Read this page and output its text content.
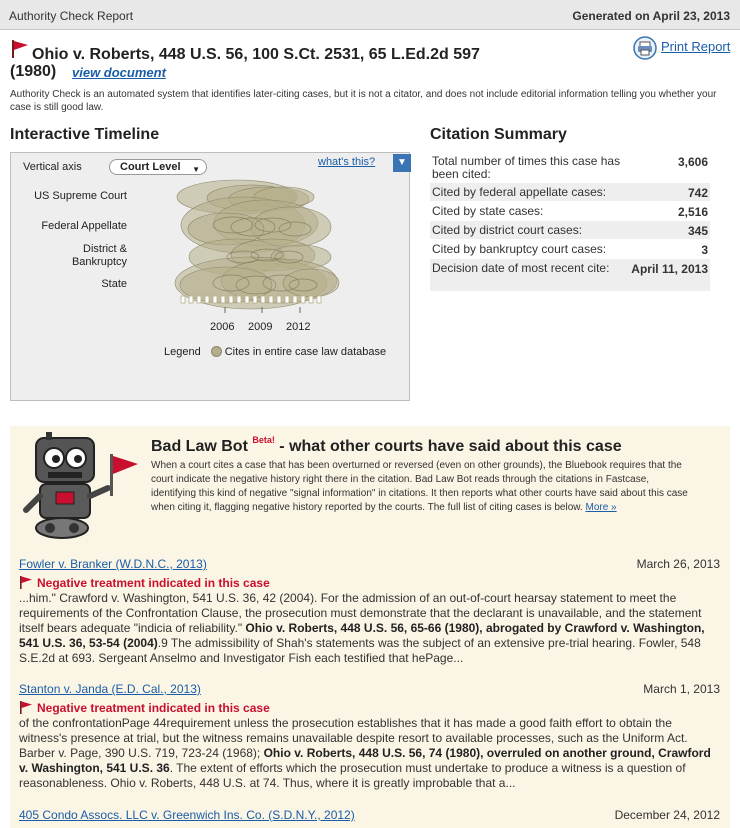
Authority Check Report	Generated on April 23, 2013
Ohio v. Roberts, 448 U.S. 56, 100 S.Ct. 2531, 65 L.Ed.2d 597
(1980) view document
Print Report
Authority Check is an automated system that identifies later-citing cases, but it is not a citator, and does not include editorial information telling you whether your case is still good law.
Interactive Timeline
Vertical axis	Court Level ▼
what's this?	▼
US Supreme Court
Federal Appellate
District &
Bankruptcy
State
2006 2009 2012
Legend Cites in entire case law database
Citation Summary
Total number of times this case has been cited:
3,606
Cited by federal appellate cases:	742
Cited by state cases:	2,516
Cited by district court cases:	345
Cited by bankruptcy court cases:	3
Decision date of most recent cite:	April 11, 2013
Bad Law Bot $^{Beta!}$ - what other courts have said about this case
When a court cites a case that has been overturned or reversed (even on other grounds), the Bluebook requires that the court indicate the negative history right there in the citation. Bad Law Bot reads through the citations in Fastcase, identifying this kind of negative "signal information" in citations. It then reports what other courts have said about this case when citing it, flagging negative history reported by the courts. The full list of citing cases is below. More »
Fowler v. Branker (W.D.N.C., 2013)	March 26, 2013
Negative treatment indicated in this case
...him." Crawford v. Washington, 541 U.S. 36, 42 (2004). For the admission of an out-of-court hearsay statement to meet the requirements of the Confrontation Clause, the prosecution must demonstrate that the declarant is unavailable, and the statement itself bears adequate "indicia of reliability." Ohio v. Roberts, 448 U.S. 56, 65-66 (1980), abrogated by Crawford v. Washington, 541 U.S. 36, 53-54 (2004).9 The admissibility of Shah's statements was the subject of an extensive pre-trial hearing. Fowler, 548 S.E.2d at 693. Sergeant Anselmo and Investigator Fish each testified that hePage...
Stanton v. Janda (E.D. Cal., 2013)	March 1, 2013
Negative treatment indicated in this case
of the confrontationPage 44requirement unless the prosecution establishes that it has made a good faith effort to obtain the witness's presence at trial, but the witness remains unavailable despite resort to available processes, such as the Uniform Act. Barber v. Page, 390 U.S. 719, 723-24 (1968); Ohio v. Roberts, 448 U.S. 56, 74 (1980), overruled on another ground, Crawford v. Washington, 541 U.S. 36. The extent of efforts which the prosecution must undertake to produce a witness is a question of reasonableness. Ohio v. Roberts, 448 U.S. at 74. Thus, where it is greatly improbable that a...
405 Condo Assocs. LLC v. Greenwich Ins. Co. (S.D.N.Y., 2012)	December 24, 2012
